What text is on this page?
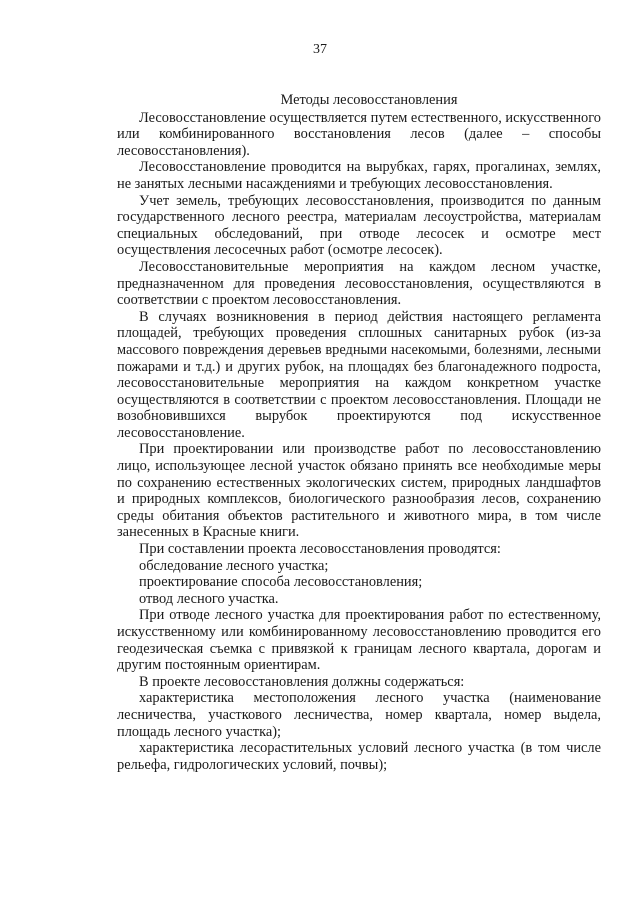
37
Методы лесовосстановления

Лесовосстановление осуществляется путем естественного, искусственного или комбинированного восстановления лесов (далее – способы лесовосстановления).

Лесовосстановление проводится на вырубках, гарях, прогалинах, землях, не занятых лесными насаждениями и требующих лесовосстановления.

Учет земель, требующих лесовосстановления, производится по данным государственного лесного реестра, материалам лесоустройства, материалам специальных обследований, при отводе лесосек и осмотре мест осуществления лесосечных работ (осмотре лесосек).

Лесовосстановительные мероприятия на каждом лесном участке, предназначенном для проведения лесовосстановления, осуществляются в соответствии с проектом лесовосстановления.

В случаях возникновения в период действия настоящего регламента площадей, требующих проведения сплошных санитарных рубок (из-за массового повреждения деревьев вредными насекомыми, болезнями, лесными пожарами и т.д.) и других рубок, на площадях без благонадежного подроста, лесовосстановительные мероприятия на каждом конкретном участке осуществляются в соответствии с проектом лесовосстановления. Площади не возобновившихся вырубок проектируются под искусственное лесовосстановление.

При проектировании или производстве работ по лесовосстановлению лицо, использующее лесной участок обязано принять все необходимые меры по сохранению естественных экологических систем, природных ландшафтов и природных комплексов, биологического разнообразия лесов, сохранению среды обитания объектов растительного и животного мира, в том числе занесенных в Красные книги.

При составлении проекта лесовосстановления проводятся:

обследование лесного участка;

проектирование способа лесовосстановления;

отвод лесного участка.

При отводе лесного участка для проектирования работ по естественному, искусственному или комбинированному лесовосстановлению проводится его геодезическая съемка с привязкой к границам лесного квартала, дорогам и другим постоянным ориентирам.

В проекте лесовосстановления должны содержаться:

характеристика местоположения лесного участка (наименование лесничества, участкового лесничества, номер квартала, номер выдела, площадь лесного участка);

характеристика лесорастительных условий лесного участка (в том числе рельефа, гидрологических условий, почвы);
